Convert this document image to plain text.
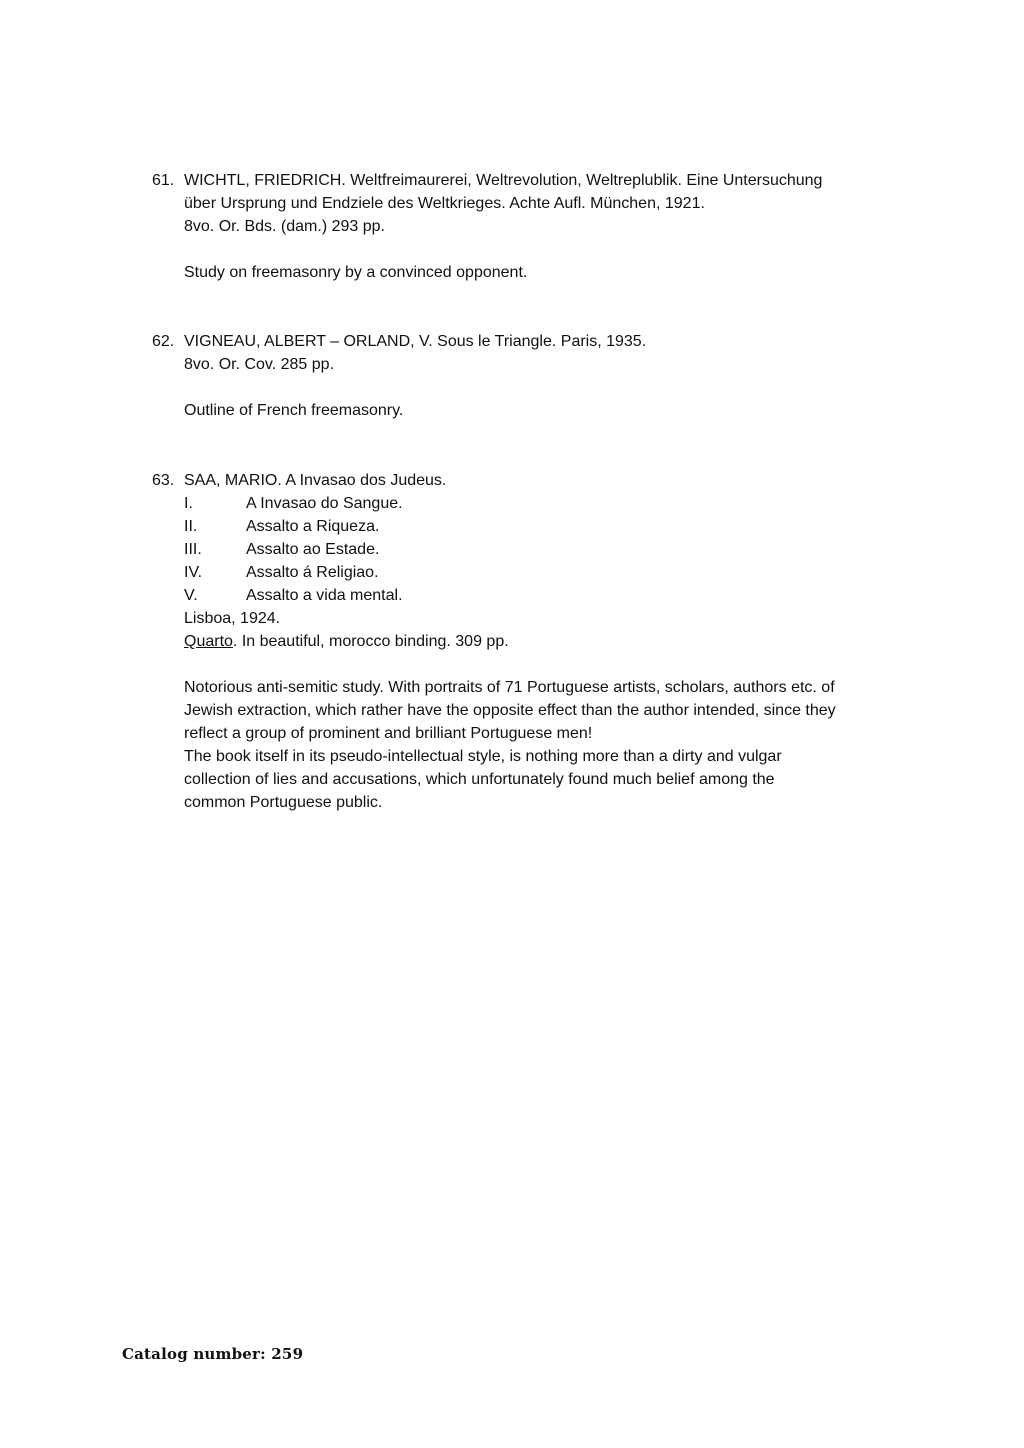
61. WICHTL, FRIEDRICH. Weltfreimaurerei, Weltrevolution, Weltreplublik. Eine Untersuchung
über Ursprung und Endziele des Weltkrieges. Achte Aufl. München, 1921.
8vo. Or. Bds. (dam.) 293 pp.
Study on freemasonry by a convinced opponent.
62. VIGNEAU, ALBERT – ORLAND, V. Sous le Triangle. Paris, 1935.
8vo. Or. Cov. 285 pp.
Outline of French freemasonry.
63. SAA, MARIO. A Invasao dos Judeus.
I.	A Invasao do Sangue.
II.	Assalto a Riqueza.
III.	Assalto ao Estade.
IV.	Assalto á Religiao.
V.	Assalto a vida mental.
Lisboa, 1924.
Quarto. In beautiful, morocco binding. 309 pp.
Notorious anti-semitic study. With portraits of 71 Portuguese artists, scholars, authors etc. of
Jewish extraction, which rather have the opposite effect than the author intended, since they
reflect a group of prominent and brilliant Portuguese men!
The book itself in its pseudo-intellectual style, is nothing more than a dirty and vulgar
collection of lies and accusations, which unfortunately found much belief among the
common Portuguese public.
Catalog number: 259
